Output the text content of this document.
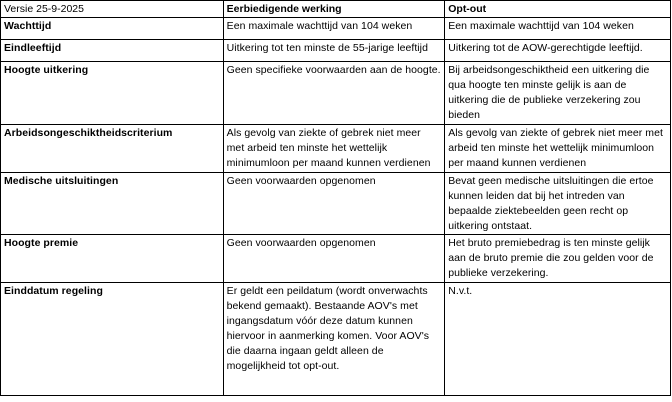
Versie 25-9-2025	Eerbiedigende werking	Opt-out
Wachttijd	Een maximale wachttijd van 104 weken	Een maximale wachttijd van 104 weken
Eindleeftijd	Uitkering tot ten minste de 55-jarige leeftijd	Uitkering tot de AOW-gerechtigde leeftijd.
Hoogte uitkering	Geen specifieke voorwaarden aan de hoogte.	Bij arbeidsongeschiktheid een uitkering die qua hoogte ten minste gelijk is aan de uitkering die de publieke verzekering zou bieden
Arbeidsongeschiktheidscriterium	Als gevolg van ziekte of gebrek niet meer met arbeid ten minste het wettelijk minimumloon per maand kunnen verdienen	Als gevolg van ziekte of gebrek niet meer met arbeid ten minste het wettelijk minimumloon per maand kunnen verdienen
Medische uitsluitingen	Geen voorwaarden opgenomen	Bevat geen medische uitsluitingen die ertoe kunnen leiden dat bij het intreden van bepaalde ziektebeelden geen recht op uitkering ontstaat.
Hoogte premie	Geen voorwaarden opgenomen	Het bruto premiebedrag is ten minste gelijk aan de bruto premie die zou gelden voor de publieke verzekering.
Einddatum regeling	Er geldt een peildatum (wordt onverwachts bekend gemaakt). Bestaande AOV's met ingangsdatum vóór deze datum kunnen hiervoor in aanmerking komen. Voor AOV's die daarna ingaan geldt alleen de mogelijkheid tot opt-out.	N.v.t.
